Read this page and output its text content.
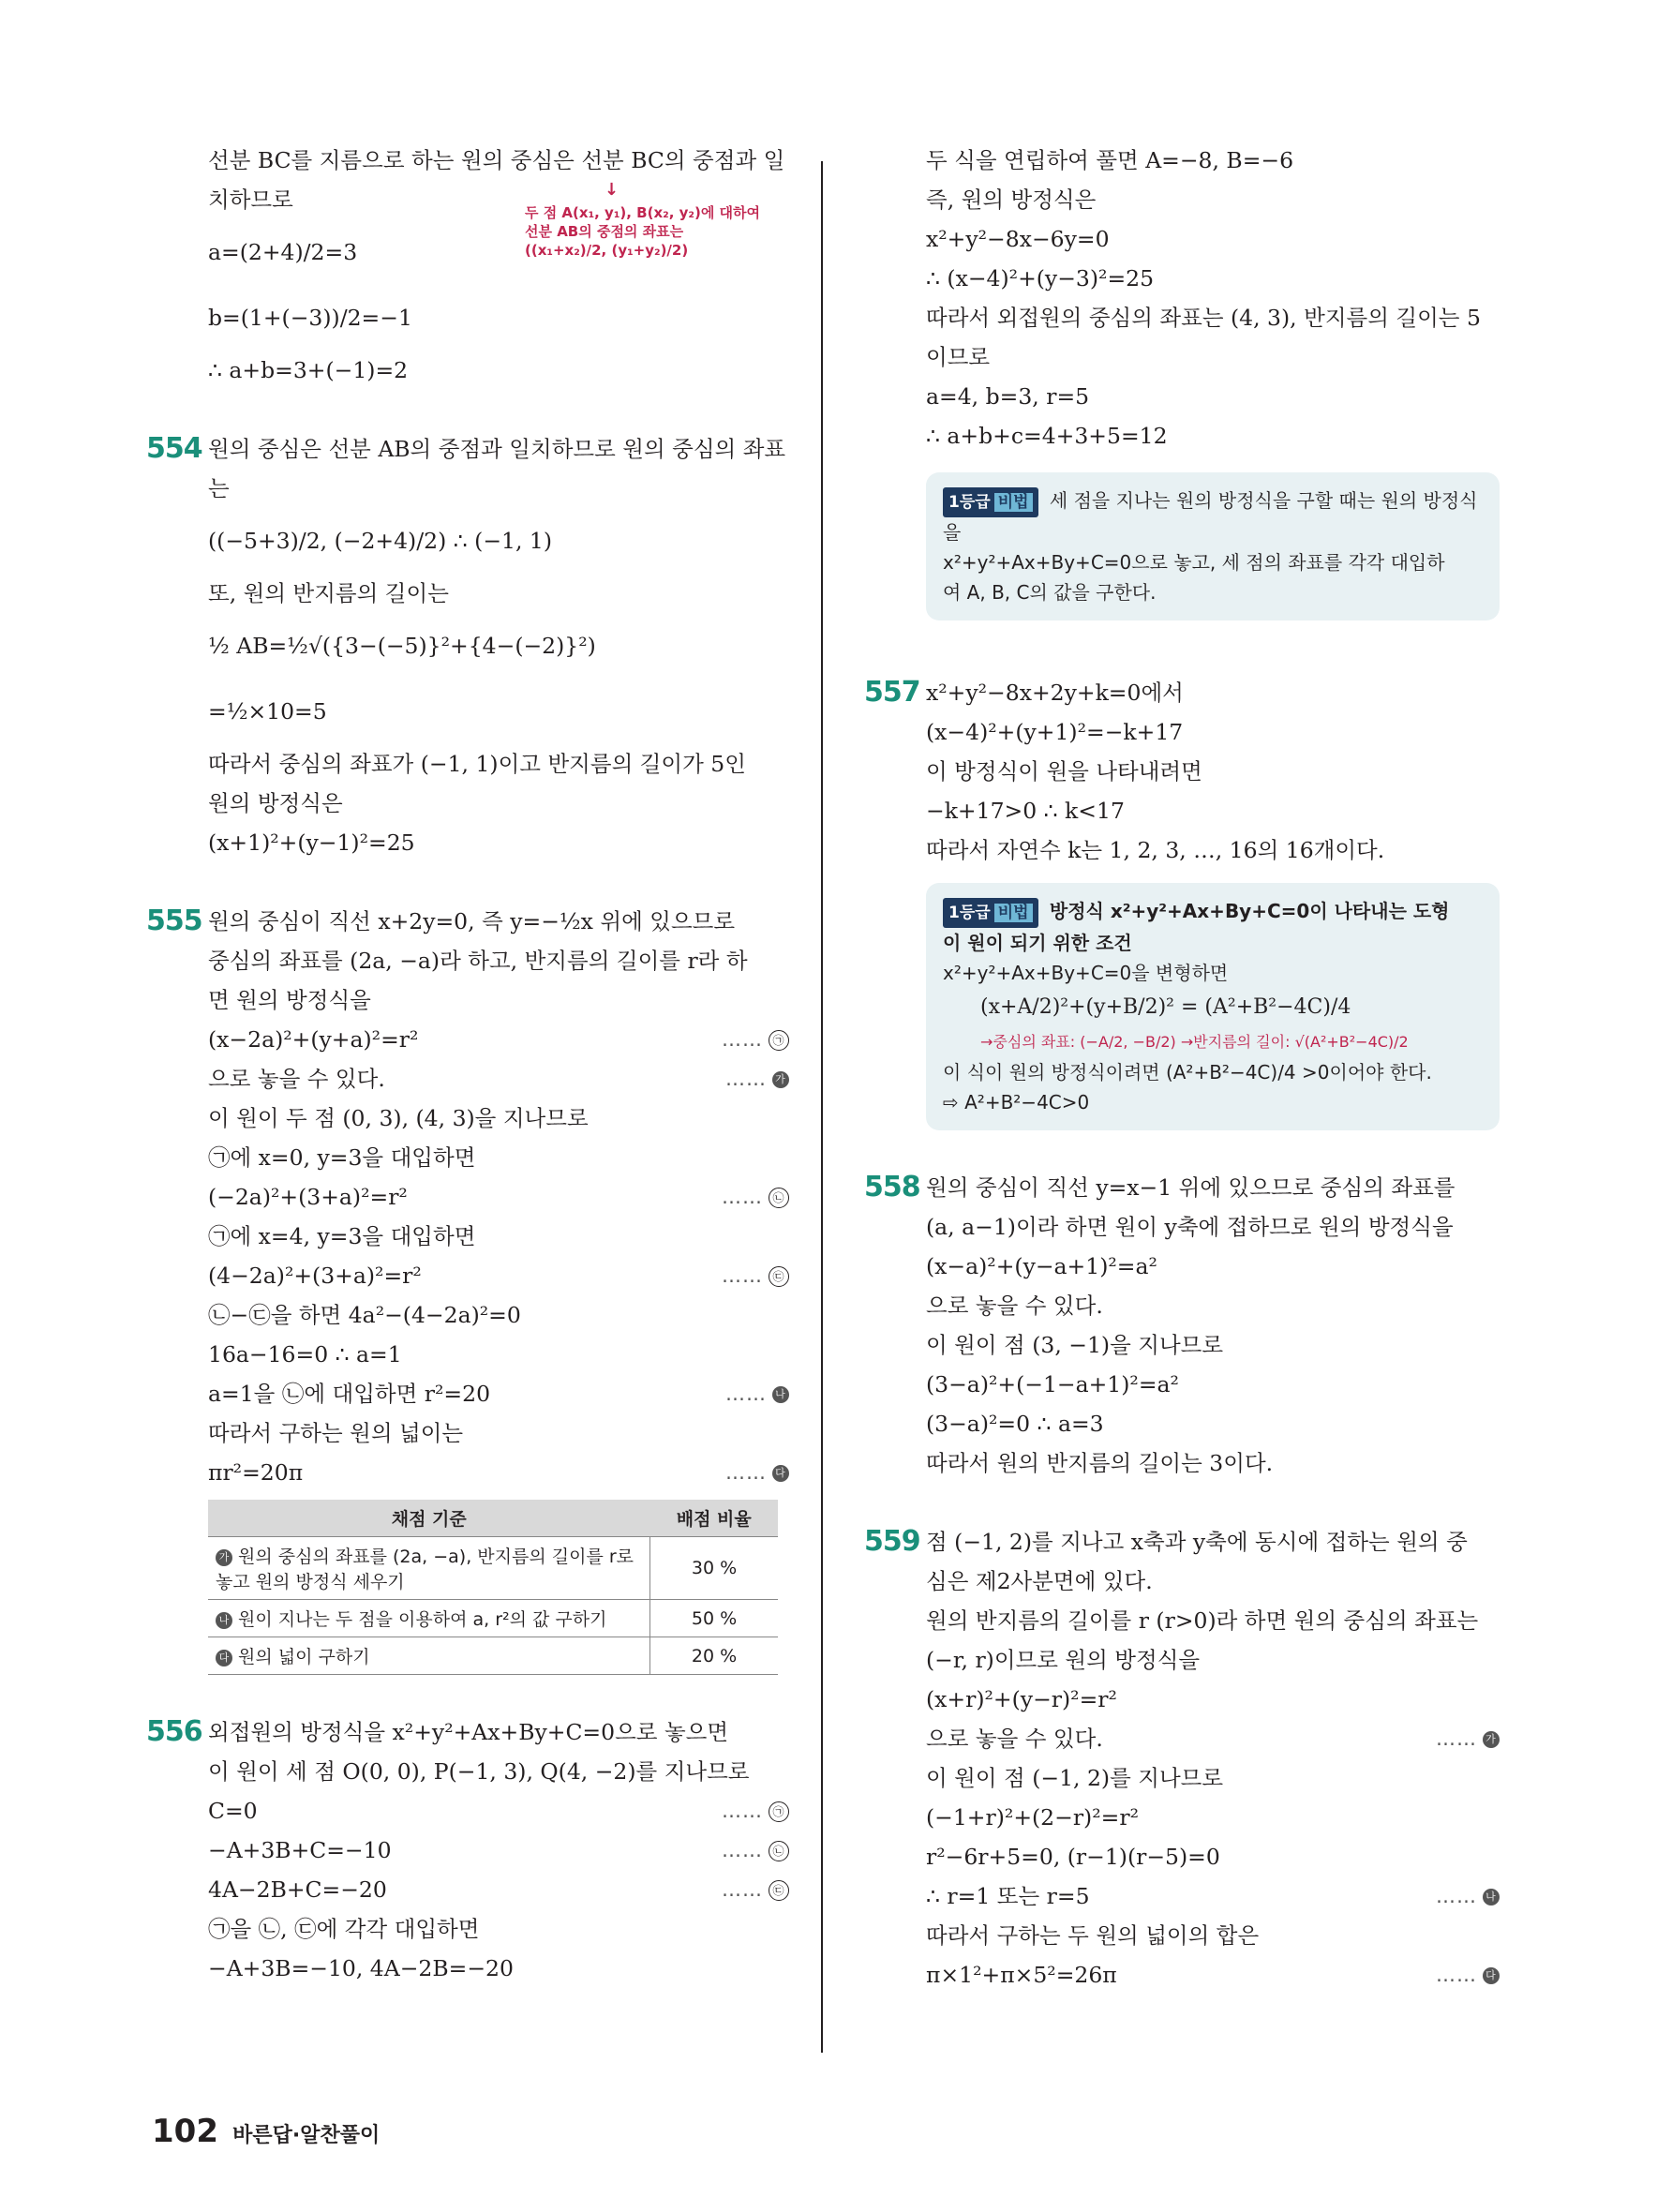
선분 BC를 지름으로 하는 원의 중심은 선분 BC의 중점과 일
치하므로
a=(2+4)/2=3
b=(1+(−3))/2=−1
∴ a+b=3+(−1)=2
554 원의 중심은 선분 AB의 중점과 일치하므로 원의 중심의 좌표
는
((−5+3)/2, (−2+4)/2) ∴ (−1, 1)
또, 원의 반지름의 길이는
½ AB=½√({3−(−5)}²+{4−(−2)}²)
=½×10=5
따라서 중심의 좌표가 (−1, 1)이고 반지름의 길이가 5인
원의 방정식은
(x+1)²+(y−1)²=25
555 원의 중심이 직선 x+2y=0, 즉 y=−½x 위에 있으므로
중심의 좌표를 (2a, −a)라 하고, 반지름의 길이를 r라 하
면 원의 방정식을
(x−2a)²+(y+a)²=r²	…… ㉠
으로 놓을 수 있다.	…… 가
이 원이 두 점 (0, 3), (4, 3)을 지나므로
㉠에 x=0, y=3을 대입하면
(−2a)²+(3+a)²=r²	…… ㉡
㉠에 x=4, y=3을 대입하면
(4−2a)²+(3+a)²=r²	…… ㉢
㉡−㉢을 하면 4a²−(4−2a)²=0
16a−16=0 ∴ a=1
a=1을 ㉡에 대입하면 r²=20	…… 나
따라서 구하는 원의 넓이는
πr²=20π	…… 다
채점 기준	배점 비율
가 원의 중심의 좌표를 (2a, −a), 반지름의 길이를 r로 놓고 원의 방정식 세우기	30 %
나 원이 지나는 두 점을 이용하여 a, r²의 값 구하기	50 %
다 원의 넓이 구하기	20 %
556 외접원의 방정식을 x²+y²+Ax+By+C=0으로 놓으면
이 원이 세 점 O(0, 0), P(−1, 3), Q(4, −2)를 지나므로
C=0	…… ㉠
−A+3B+C=−10	…… ㉡
4A−2B+C=−20	…… ㉢
㉠을 ㉡, ㉢에 각각 대입하면
−A+3B=−10, 4A−2B=−20
↓
두 점 A(x₁, y₁), B(x₂, y₂)에 대하여
선분 AB의 중점의 좌표는
((x₁+x₂)/2, (y₁+y₂)/2)
두 식을 연립하여 풀면 A=−8, B=−6
즉, 원의 방정식은
x²+y²−8x−6y=0
∴ (x−4)²+(y−3)²=25
따라서 외접원의 중심의 좌표는 (4, 3), 반지름의 길이는 5
이므로
a=4, b=3, r=5
∴ a+b+c=4+3+5=12
1등급 비법 세 점을 지나는 원의 방정식을 구할 때는 원의 방정식을
x²+y²+Ax+By+C=0으로 놓고, 세 점의 좌표를 각각 대입하
여 A, B, C의 값을 구한다.
557 x²+y²−8x+2y+k=0에서
(x−4)²+(y+1)²=−k+17
이 방정식이 원을 나타내려면
−k+17>0 ∴ k<17
따라서 자연수 k는 1, 2, 3, …, 16의 16개이다.
1등급 비법 방정식 x²+y²+Ax+By+C=0이 나타내는 도형
이 원이 되기 위한 조건
x²+y²+Ax+By+C=0을 변형하면
(x+A/2)²+(y+B/2)² = (A²+B²−4C)/4
→중심의 좌표: (−A/2, −B/2) →반지름의 길이: √(A²+B²−4C)/2
이 식이 원의 방정식이려면 (A²+B²−4C)/4 >0이어야 한다.
⇨ A²+B²−4C>0
558 원의 중심이 직선 y=x−1 위에 있으므로 중심의 좌표를
(a, a−1)이라 하면 원이 y축에 접하므로 원의 방정식을
(x−a)²+(y−a+1)²=a²
으로 놓을 수 있다.
이 원이 점 (3, −1)을 지나므로
(3−a)²+(−1−a+1)²=a²
(3−a)²=0 ∴ a=3
따라서 원의 반지름의 길이는 3이다.
559 점 (−1, 2)를 지나고 x축과 y축에 동시에 접하는 원의 중
심은 제2사분면에 있다.
원의 반지름의 길이를 r (r>0)라 하면 원의 중심의 좌표는
(−r, r)이므로 원의 방정식을
(x+r)²+(y−r)²=r²
으로 놓을 수 있다.	…… 가
이 원이 점 (−1, 2)를 지나므로
(−1+r)²+(2−r)²=r²
r²−6r+5=0, (r−1)(r−5)=0
∴ r=1 또는 r=5	…… 나
따라서 구하는 두 원의 넓이의 합은
π×1²+π×5²=26π	…… 다
102 바른답·알찬풀이
